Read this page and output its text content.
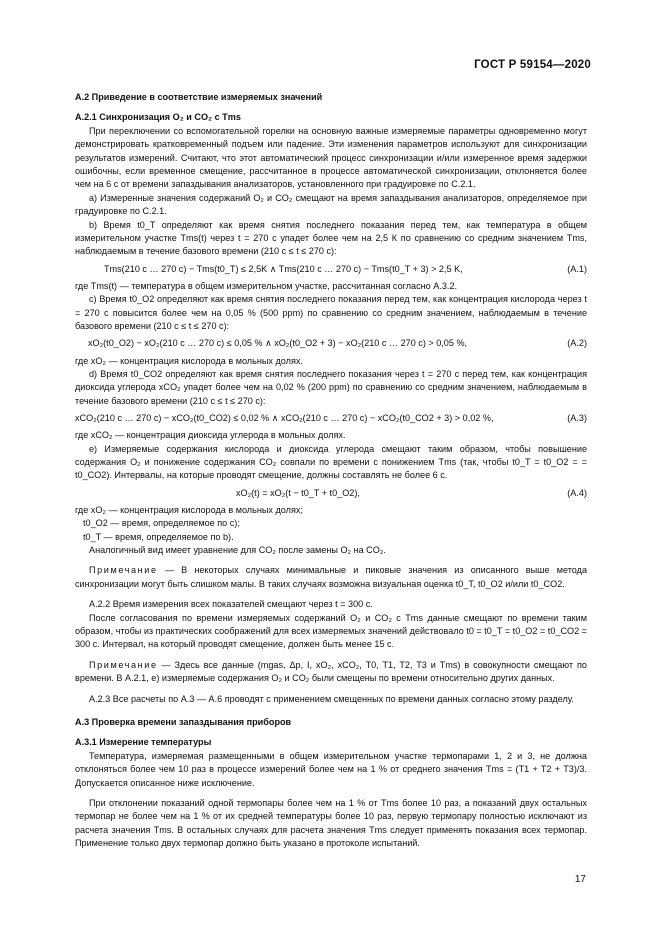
ГОСТ Р 59154—2020

А.2 Приведение в соответствие измеряемых значений

А.2.1 Синхронизация O₂ и CO₂ с Tms

При переключении со вспомогательной горелки на основную важные измеряемые параметры одновременно могут демонстрировать кратковременный подъем или падение. Эти изменения параметров используют для синхронизации результатов измерений. Считают, что этот автоматический процесс синхронизации и/или измеренное время задержки ошибочны, если временное смещение, рассчитанное в процессе автоматической синхронизации, отклоняется более чем на 6 с от времени запаздывания анализаторов, установленного при градуировке по С.2.1.

а) Измеренные значения содержаний O₂ и CO₂ смещают на время запаздывания анализаторов, определяемое при градуировке по С.2.1.

b) Время t0_T определяют как время снятия последнего показания перед тем, как температура в общем измерительном участке Tms(t) через t = 270 с упадет более чем на 2,5 К по сравнению со средним значением Tms, наблюдаемым в течение базового времени (210 с ≤ t ≤ 270 с):

Tms(210 с … 270 с) − Tms(t0_T) ≤ 2,5K ∧ Tms(210 с … 270 с) − Tms(t0_T + 3) > 2,5 K,	(A.1)

где Tms(t) — температура в общем измерительном участке, рассчитанная согласно А.3.2.

с) Время t0_O2 определяют как время снятия последнего показания перед тем, как концентрация кислорода через t = 270 с повысится более чем на 0,05 % (500 ppm) по сравнению со средним значением, наблюдаемым в течение базового времени (210 с ≤ t ≤ 270 с):

xO₂(t0_O2) − xO₂(210 с … 270 с) ≤ 0,05 % ∧ xO₂(t0_O2 + 3) − xO₂(210 с … 270 с) > 0,05 %,	(A.2)

где xO₂ — концентрация кислорода в мольных долях.

d) Время t0_CO2 определяют как время снятия последнего показания через t = 270 с перед тем, как концентрация диоксида углерода xCO₂ упадет более чем на 0,02 % (200 ppm) по сравнению со средним значением, наблюдаемым в течение базового времени (210 с ≤ t ≤ 270 с):

xCO₂(210 с … 270 с) − xCO₂(t0_CO2) ≤ 0,02 % ∧ xCO₂(210 с … 270 с) − xCO₂(t0_CO2 + 3) > 0,02 %,	(A.3)

где xCO₂ — концентрация диоксида углерода в мольных долях.

е) Измеряемые содержания кислорода и диоксида углерода смещают таким образом, чтобы повышение содержания O₂ и понижение содержания CO₂ совпали по времени с понижением Tms (так, чтобы t0_T = t0_O2 = = t0_CO2). Интервалы, на которые проводят смещение, должны составлять не более 6 с.

xO₂(t) = xO₂(t − t0_T + t0_O2),	(A.4)

где xO₂ — концентрация кислорода в мольных долях;

t0_O2 — время, определяемое по с);

t0_T — время, определяемое по b).

Аналогичный вид имеет уравнение для CO₂ после замены O₂ на CO₂.

Примечание — В некоторых случаях минимальные и пиковые значения из описанного выше метода синхронизации могут быть слишком малы. В таких случаях возможна визуальная оценка t0_T, t0_O2 и/или t0_CO2.

А.2.2 Время измерения всех показателей смещают через t = 300 с.

После согласования по времени измеряемых содержаний O₂ и CO₂ с Tms данные смещают по времени таким образом, чтобы из практических соображений для всех измеряемых значений действовало t0 = t0_T = t0_O2 = t0_CO2 = 300 с. Интервал, на который проводят смещение, должен быть менее 15 с.

Примечание — Здесь все данные (mgas, Δp, I, xO₂, xCO₂, T0, T1, T2, T3 и Tms) в совокупности смещают по времени. В А.2.1, е) измеряемые содержания O₂ и CO₂ были смещены по времени относительно других данных.

А.2.3 Все расчеты по А.3 — А.6 проводят с применением смещенных по времени данных согласно этому разделу.

А.3 Проверка времени запаздывания приборов

А.3.1 Измерение температуры

Температура, измеряемая размещенными в общем измерительном участке термопарами 1, 2 и 3, не должна отклоняться более чем 10 раз в процессе измерений более чем на 1 % от среднего значения Tms = (T1 + T2 + T3)/3. Допускается описанное ниже исключение.

При отклонении показаний одной термопары более чем на 1 % от Tms более 10 раз, а показаний двух остальных термопар не более чем на 1 % от их средней температуры более 10 раз, первую термопару полностью исключают из расчета значения Tms. В остальных случаях для расчета значения Tms следует применять показания всех термопар. Применение только двух термопар должно быть указано в протоколе испытаний.

17
